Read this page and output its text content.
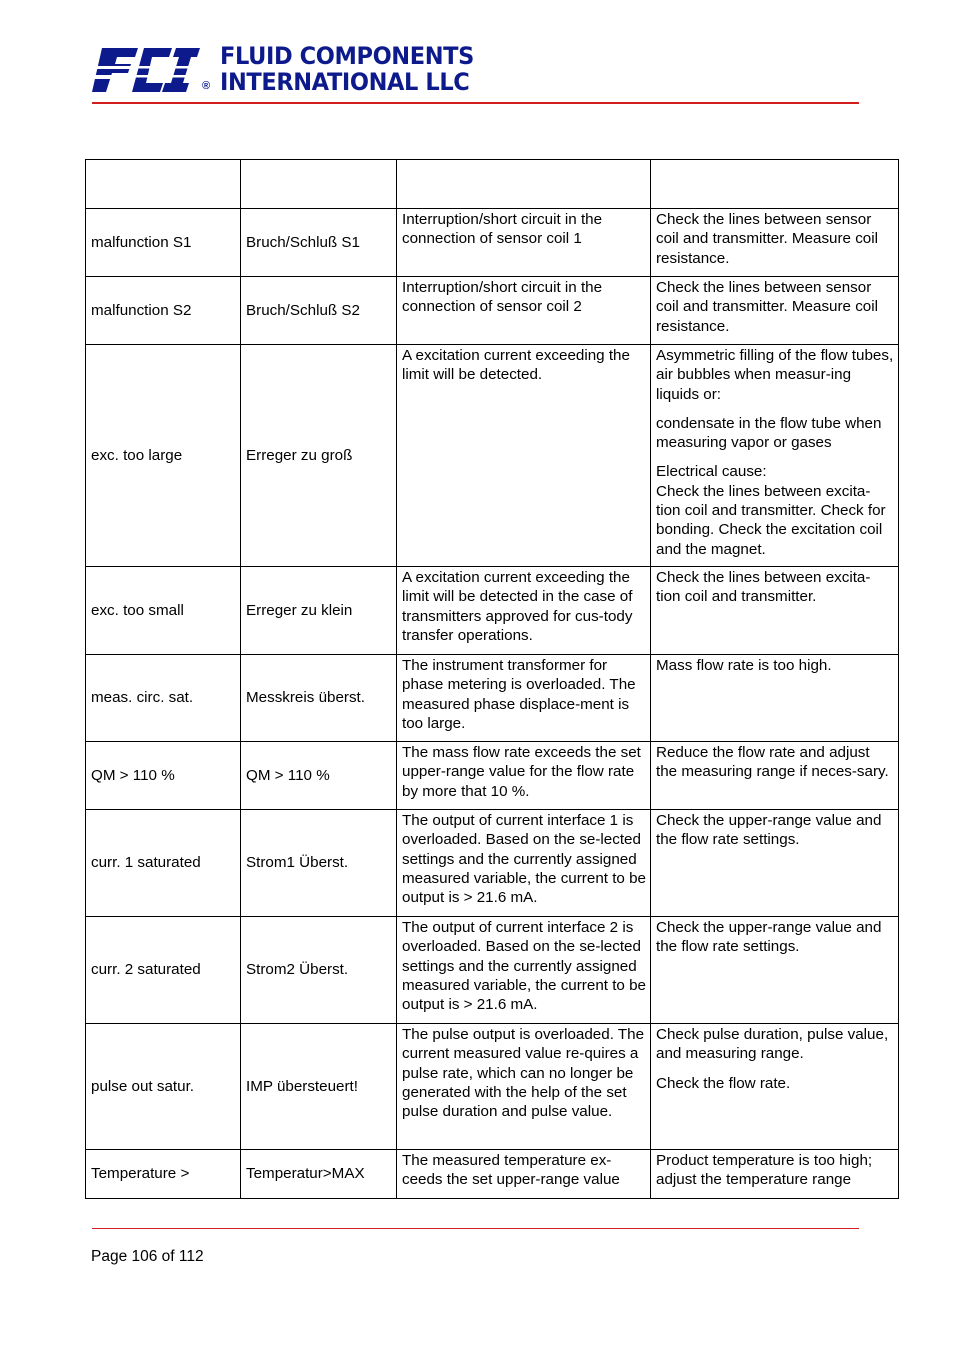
®
FLUID COMPONENTS
INTERNATIONAL LLC

malfunction S1	Bruch/Schluß S1	Interruption/short circuit in the connection of sensor coil 1	Check the lines between sensor coil and transmitter. Measure coil resistance.

malfunction S2	Bruch/Schluß S2	Interruption/short circuit in the connection of sensor coil 2	Check the lines between sensor coil and transmitter. Measure coil resistance.

exc. too large	Erreger zu groß	A excitation current exceeding the limit will be detected.	Asymmetric filling of the flow tubes, air bubbles when measur-ing liquids or:
condensate in the flow tube when measuring vapor or gases
Electrical cause:
Check the lines between excita-tion coil and transmitter. Check for bonding. Check the excitation coil and the magnet.

exc. too small	Erreger zu klein	A excitation current exceeding the limit will be detected in the case of transmitters approved for cus-tody transfer operations.	Check the lines between excita-tion coil and transmitter.

meas. circ. sat.	Messkreis überst.	The instrument transformer for phase metering is overloaded. The measured phase displace-ment is too large.	Mass flow rate is too high.

QM > 110 %	QM > 110 %	The mass flow rate exceeds the set upper-range value for the flow rate by more that 10 %.	Reduce the flow rate and adjust the measuring range if neces-sary.

curr. 1 saturated	Strom1 Überst.	The output of current interface 1 is overloaded. Based on the se-lected settings and the currently assigned measured variable, the current to be output is > 21.6 mA.	Check the upper-range value and the flow rate settings.

curr. 2 saturated	Strom2 Überst.	The output of current interface 2 is overloaded. Based on the se-lected settings and the currently assigned measured variable, the current to be output is > 21.6 mA.	Check the upper-range value and the flow rate settings.

pulse out satur.	IMP übersteuert!	The pulse output is overloaded. The current measured value re-quires a pulse rate, which can no longer be generated with the help of the set pulse duration and pulse value.	Check pulse duration, pulse value, and measuring range.
Check the flow rate.

Temperature >	Temperatur>MAX	The measured temperature ex-ceeds the set upper-range value	Product temperature is too high; adjust the temperature range
Page 106 of 112
